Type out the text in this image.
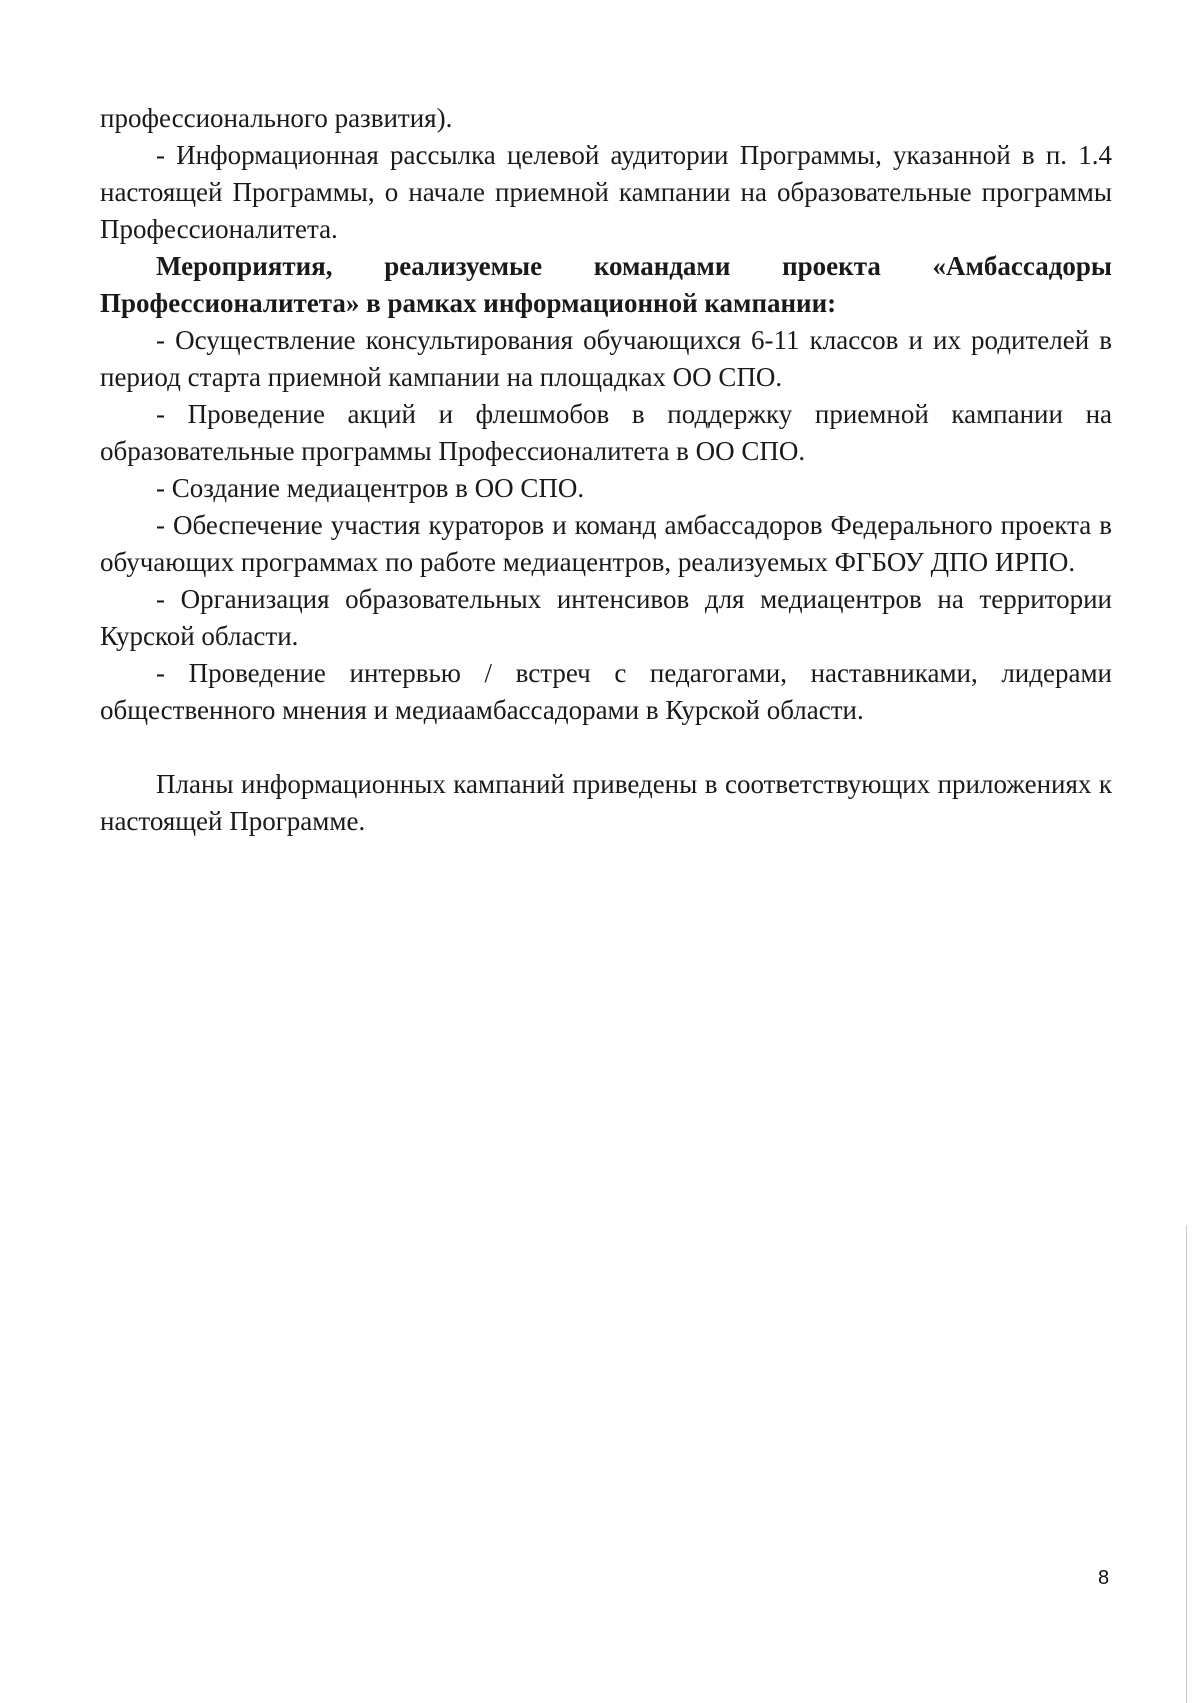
профессионального развития).

- Информационная рассылка целевой аудитории Программы, указанной в п. 1.4 настоящей Программы, о начале приемной кампании на образовательные программы Профессионалитета.

Мероприятия, реализуемые командами проекта «Амбассадоры Профессионалитета» в рамках информационной кампании:

- Осуществление консультирования обучающихся 6-11 классов и их родителей в период старта приемной кампании на площадках ОО СПО.

- Проведение акций и флешмобов в поддержку приемной кампании на образовательные программы Профессионалитета в ОО СПО.

- Создание медиацентров в ОО СПО.

- Обеспечение участия кураторов и команд амбассадоров Федерального проекта в обучающих программах по работе медиацентров, реализуемых ФГБОУ ДПО ИРПО.

- Организация образовательных интенсивов для медиацентров на территории Курской области.

- Проведение интервью / встреч с педагогами, наставниками, лидерами общественного мнения и медиаамбассадорами в Курской области.

Планы информационных кампаний приведены в соответствующих приложениях к настоящей Программе.

8
